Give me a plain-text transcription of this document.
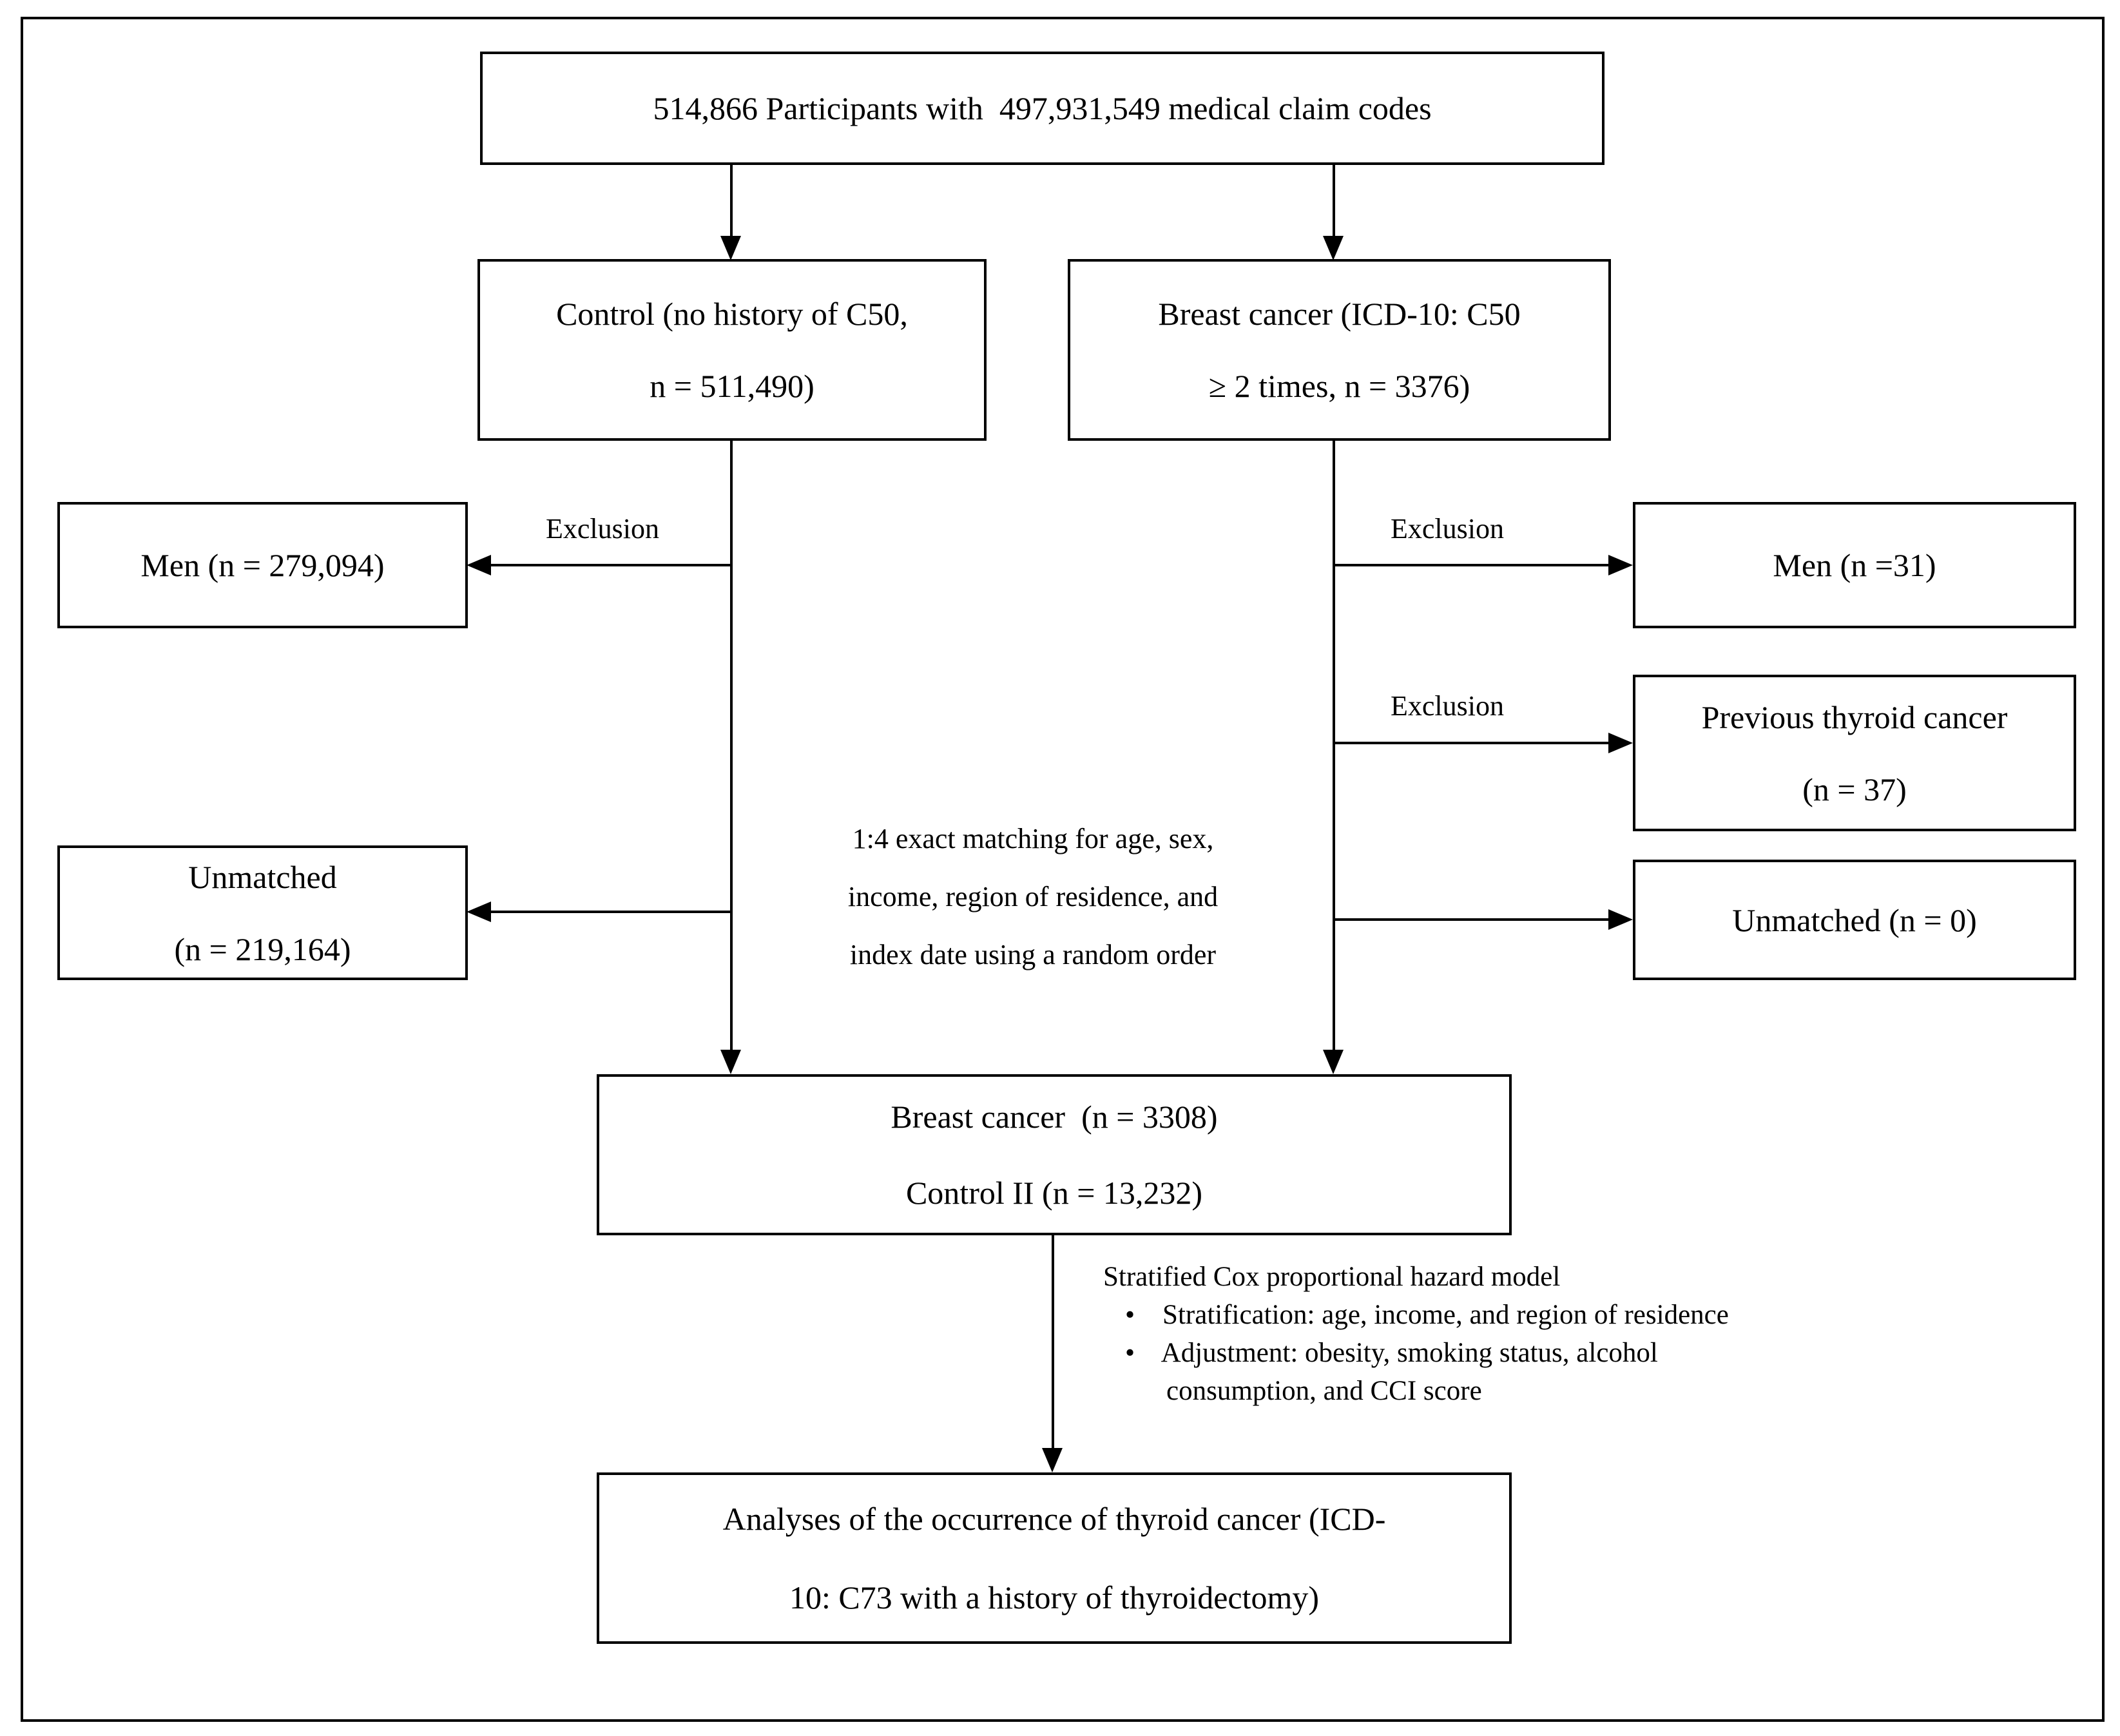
514,866 Participants with  497,931,549 medical claim codes
Control (no history of C50,
n = 511,490)
Breast cancer (ICD-10: C50
≥ 2 times, n = 3376)
Exclusion
Men (n = 279,094)
Unmatched
(n = 219,164)
Exclusion
Men (n =31)
Exclusion	Previous thyroid cancer
(n = 37)
Unmatched (n = 0)
1:4 exact matching for age, sex,
income, region of residence, and
index date using a random order
Breast cancer  (n = 3308)
Control II (n = 13,232)
Stratified Cox proportional hazard model
•    Stratification: age, income, and region of residence
•    Adjustment: obesity, smoking status, alcohol
consumption, and CCI score
Analyses of the occurrence of thyroid cancer (ICD-
10: C73 with a history of thyroidectomy)
